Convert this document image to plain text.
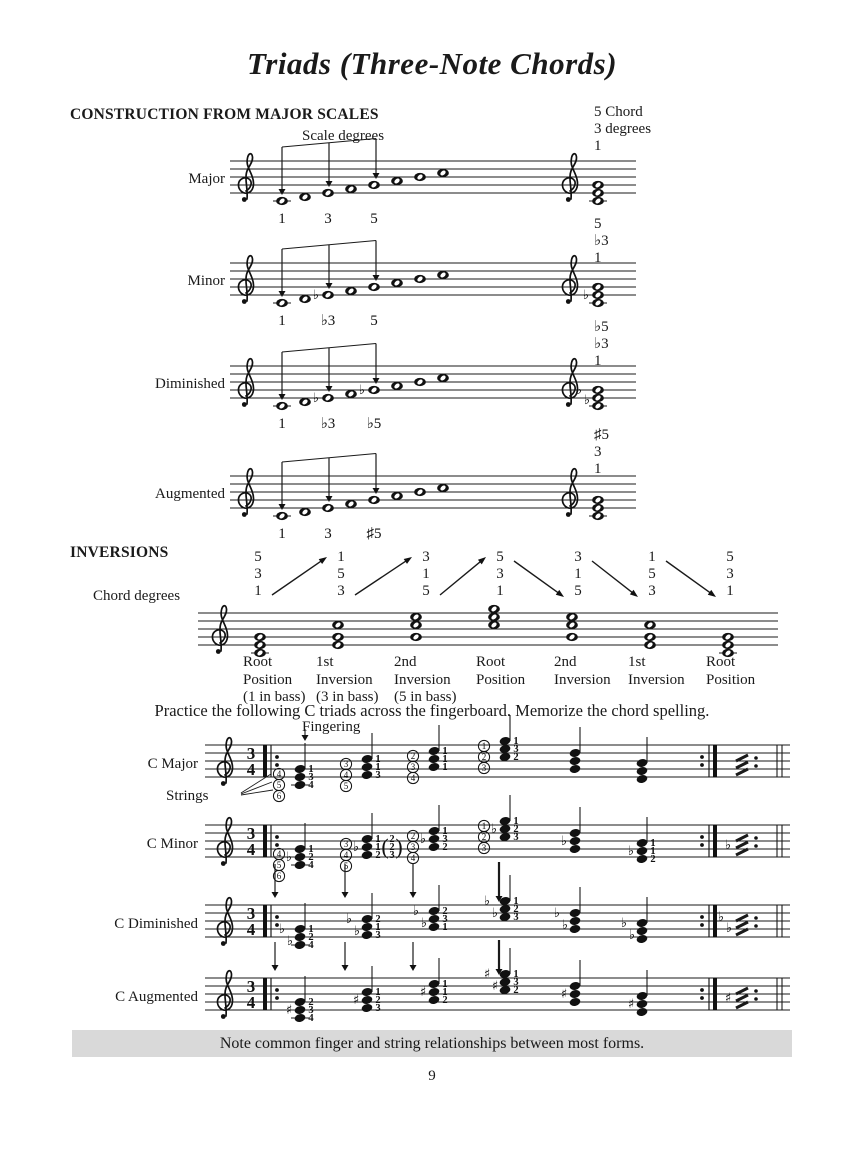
Triads (Three-Note Chords)
CONSTRUCTION FROM MAJOR SCALES
Scale degrees
5 Chord
3 degrees
1
5
♭3
1
♭5
♭3
1
♯5
3
1
Major
Minor
Diminished
Augmented
1	3	5
♭	♭
1 ♭3 5
♭
♭	♭
♭
1 ♭3 ♭5
1	3 ♯5
INVERSIONS
Chord degrees
5
3
1
1
5
3
3
1
5
5
3
1
3
1
5
1
5
3
5
3
1
Root
Position
(1 in bass)
1st
Inversion
(3 in bass)
2nd
Inversion
(5 in bass)
Root
Position
2nd
Inversion
1st
Inversion
Root
Position
Practice the following C triads across the fingerboard. Memorize the chord spelling.
Fingering
Strings
C Major
C Minor
C Diminished
C Augmented
3
4 4
5
6
1
3
4
3
4
5
1
1
3
2
3
4
1
1
1
1
2
3
1
3
2
3
4 ♭
4
5
6
1
2
4
♭
3
4
5
1
1
2 ( 2
2
3 ) ♭
2
3
4
1
3
2
♭
1
2
3
1
2
3	♭
♭
1
1
2
♭
3
4 ♭
♭
1
2
4
♭
♭
2
1
3
♭
♭
2
3
1
♭
♭
1
2
3	♭
♭	♭
♭
♭
♭
3
4 ♯
2
3
4
♯
1
2
3
♯
1
1
2
♯
♯
1
3
2	♯
♯	♯
Note common finger and string relationships between most forms.
9
